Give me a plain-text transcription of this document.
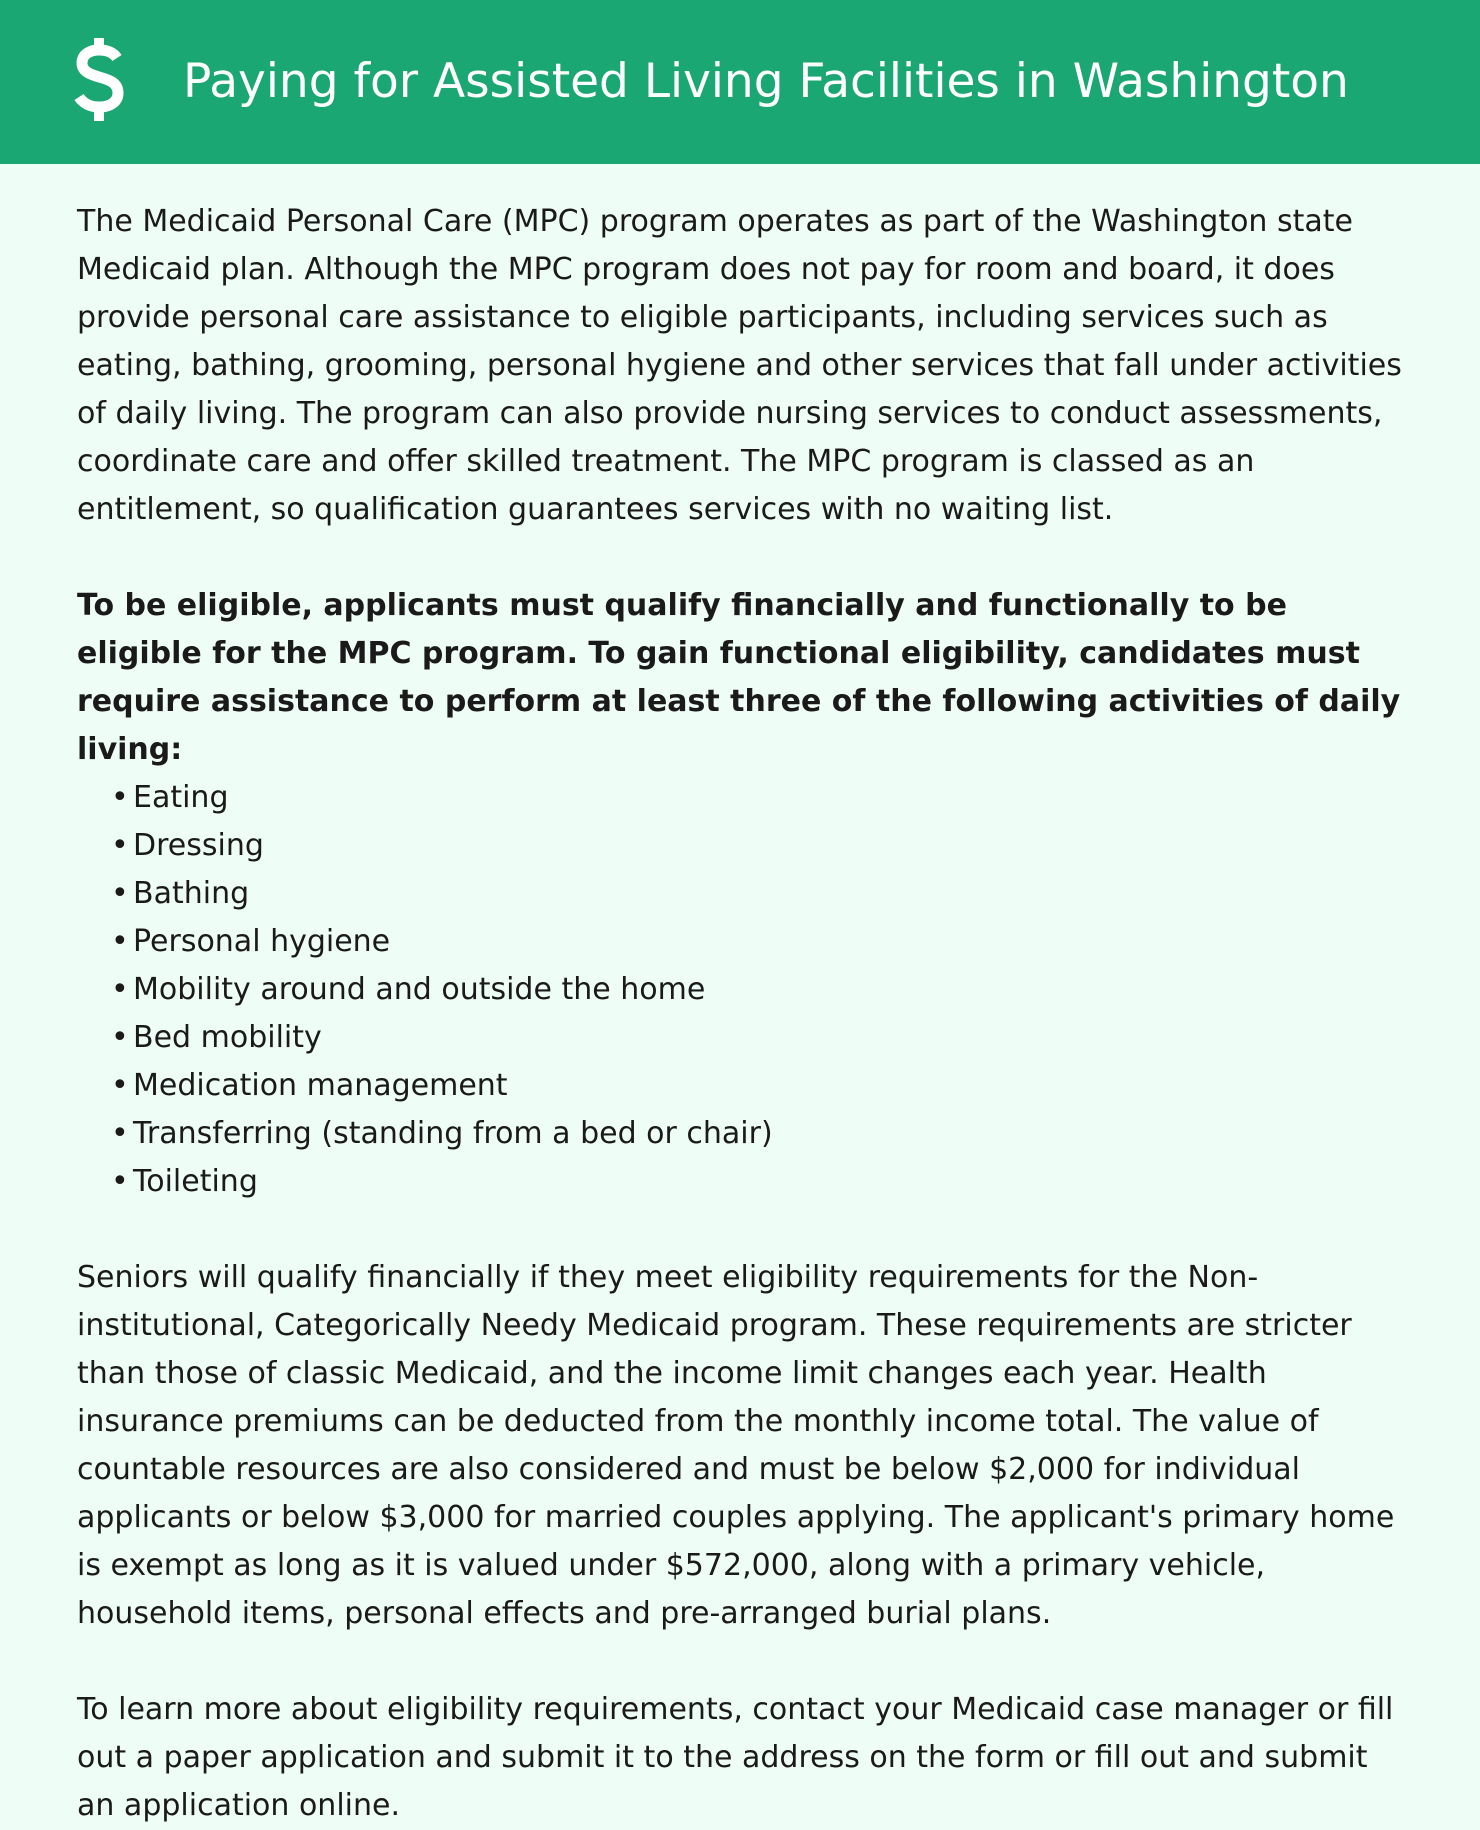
Paying for Assisted Living Facilities in Washington

The Medicaid Personal Care (MPC) program operates as part of the Washington state Medicaid plan. Although the MPC program does not pay for room and board, it does provide personal care assistance to eligible participants, including services such as eating, bathing, grooming, personal hygiene and other services that fall under activities of daily living. The program can also provide nursing services to conduct assessments, coordinate care and offer skilled treatment. The MPC program is classed as an entitlement, so qualification guarantees services with no waiting list.

To be eligible, applicants must qualify financially and functionally to be eligible for the MPC program. To gain functional eligibility, candidates must require assistance to perform at least three of the following activities of daily living:

• Eating
• Dressing
• Bathing
• Personal hygiene
• Mobility around and outside the home
• Bed mobility
• Medication management
• Transferring (standing from a bed or chair)
• Toileting

Seniors will qualify financially if they meet eligibility requirements for the Non-institutional, Categorically Needy Medicaid program. These requirements are stricter than those of classic Medicaid, and the income limit changes each year. Health insurance premiums can be deducted from the monthly income total. The value of countable resources are also considered and must be below $2,000 for individual applicants or below $3,000 for married couples applying. The applicant's primary home is exempt as long as it is valued under $572,000, along with a primary vehicle, household items, personal effects and pre-arranged burial plans.

To learn more about eligibility requirements, contact your Medicaid case manager or fill out a paper application and submit it to the address on the form or fill out and submit an application online.
